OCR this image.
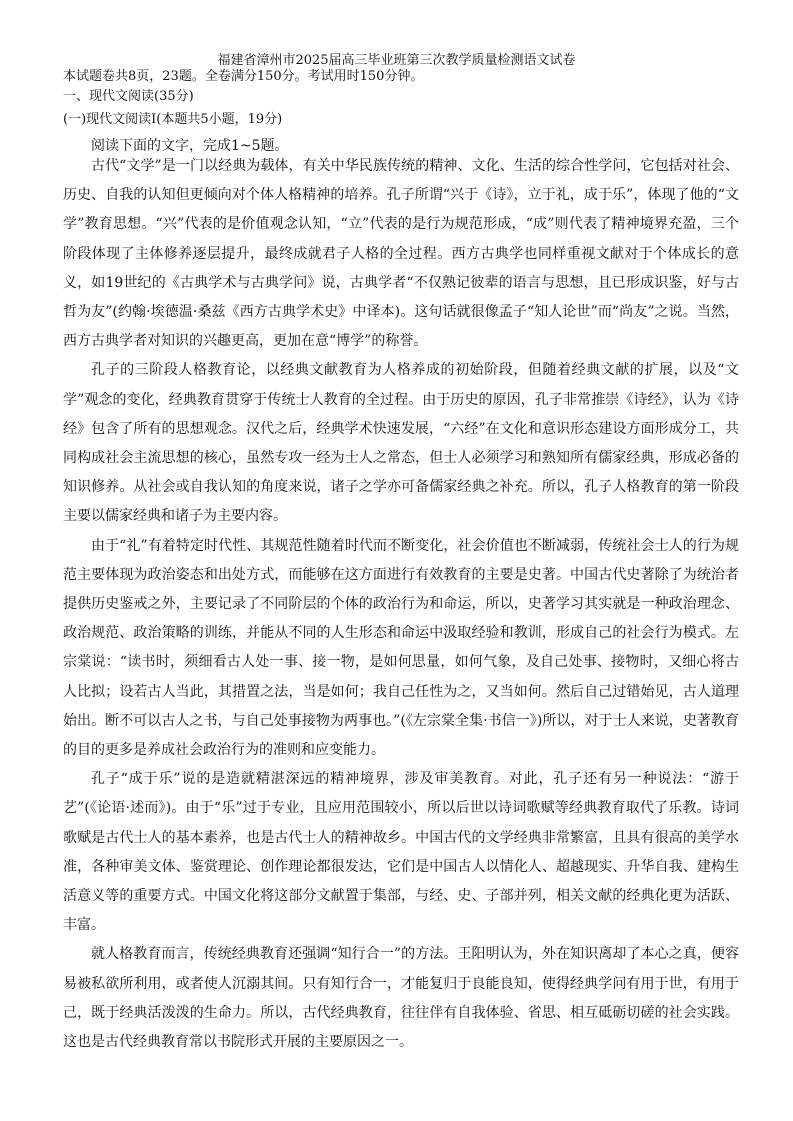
福建省漳州市2025届高三毕业班第三次教学质量检测语文试卷
本试题卷共8页，23题。全卷满分150分。考试用时150分钟。
一、现代文阅读(35分)
(一)现代文阅读Ⅰ(本题共5小题，19分)
阅读下面的文字，完成1~5题。

古代“文学”是一门以经典为载体，有关中华民族传统的精神、文化、生活的综合性学问，它包括对社会、历史、自我的认知但更倾向对个体人格精神的培养。孔子所谓“兴于《诗》，立于礼，成于乐”，体现了他的“文学”教育思想。“兴”代表的是价值观念认知，“立”代表的是行为规范形成，“成”则代表了精神境界充盈，三个阶段体现了主体修养逐层提升，最终成就君子人格的全过程。西方古典学也同样重视文献对于个体成长的意义，如19世纪的《古典学术与古典学问》说，古典学者“不仅熟记彼辈的语言与思想，且已形成识鉴，好与古哲为友”(约翰·埃德温·桑兹《西方古典学术史》中译本)。这句话就很像孟子“知人论世”而“尚友”之说。当然，西方古典学者对知识的兴趣更高，更加在意“博学”的称誉。

孔子的三阶段人格教育论，以经典文献教育为人格养成的初始阶段，但随着经典文献的扩展，以及“文学”观念的变化，经典教育贯穿于传统士人教育的全过程。由于历史的原因，孔子非常推崇《诗经》，认为《诗经》包含了所有的思想观念。汉代之后，经典学术快速发展，“六经”在文化和意识形态建设方面形成分工，共同构成社会主流思想的核心，虽然专攻一经为士人之常态，但士人必须学习和熟知所有儒家经典，形成必备的知识修养。从社会或自我认知的角度来说，诸子之学亦可备儒家经典之补充。所以，孔子人格教育的第一阶段主要以儒家经典和诸子为主要内容。

由于“礼”有着特定时代性、其规范性随着时代而不断变化，社会价值也不断减弱，传统社会士人的行为规范主要体现为政治姿态和出处方式，而能够在这方面进行有效教育的主要是史著。中国古代史著除了为统治者提供历史鉴戒之外，主要记录了不同阶层的个体的政治行为和命运，所以，史著学习其实就是一种政治理念、政治规范、政治策略的训练，并能从不同的人生形态和命运中汲取经验和教训，形成自己的社会行为模式。左宗棠说：“读书时，须细看古人处一事、接一物，是如何思量，如何气象，及自己处事、接物时，又细心将古人比拟；设若古人当此，其措置之法，当是如何；我自己任性为之，又当如何。然后自己过错始见，古人道理始出。断不可以古人之书，与自己处事接物为两事也。”(《左宗棠全集·书信一》)所以，对于士人来说，史著教育的目的更多是养成社会政治行为的准则和应变能力。

孔子“成于乐”说的是造就精湛深远的精神境界，涉及审美教育。对此，孔子还有另一种说法：“游于艺”(《论语·述而》)。由于“乐”过于专业，且应用范围较小，所以后世以诗词歌赋等经典教育取代了乐教。诗词歌赋是古代士人的基本素养，也是古代士人的精神故乡。中国古代的文学经典非常繁富，且具有很高的美学水准，各种审美文体、鉴赏理论、创作理论都很发达，它们是中国古人以情化人、超越现实、升华自我、建构生活意义等的重要方式。中国文化将这部分文献置于集部，与经、史、子部并列，相关文献的经典化更为活跃、丰富。

就人格教育而言，传统经典教育还强调“知行合一”的方法。王阳明认为，外在知识离却了本心之真，便容易被私欲所利用，或者使人沉溺其间。只有知行合一，才能复归于良能良知，使得经典学问有用于世，有用于己，既于经典活泼泼的生命力。所以，古代经典教育，往往伴有自我体验、省思、相互砥砺切磋的社会实践。这也是古代经典教育常以书院形式开展的主要原因之一。
